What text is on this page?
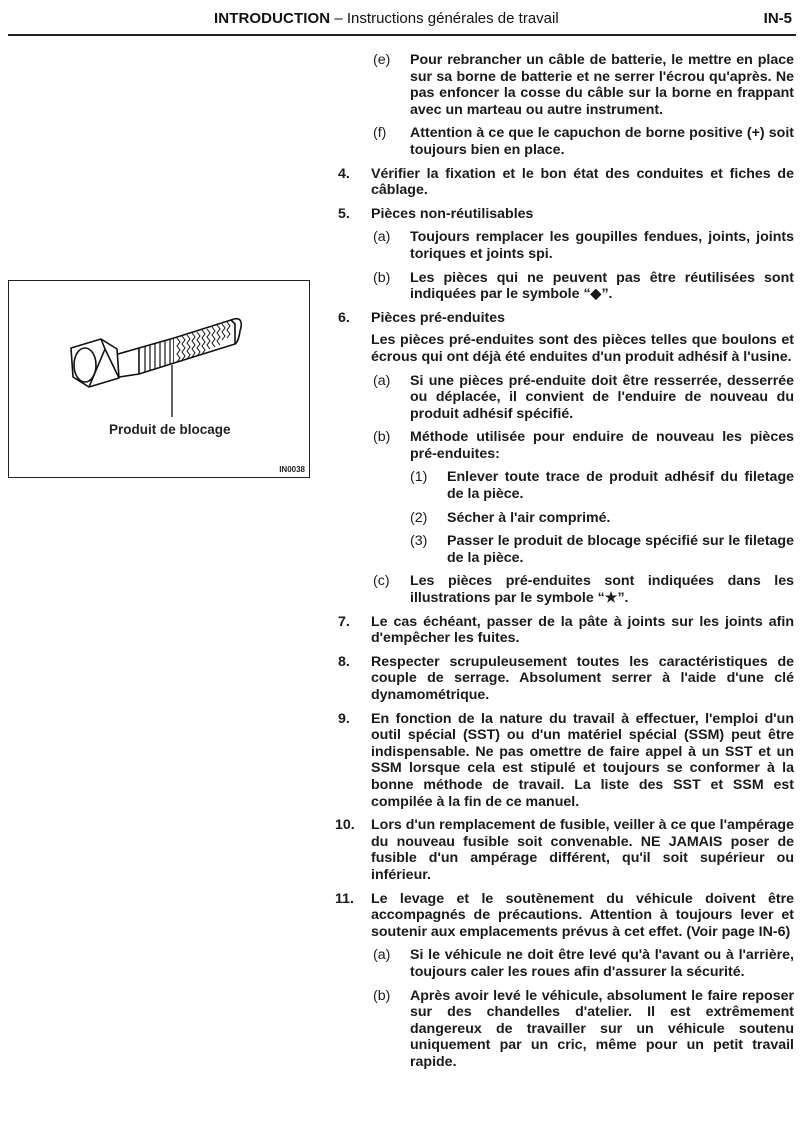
INTRODUCTION – Instructions générales de travail	IN-5
Produit de blocage
IN0038
(e) Pour rebrancher un câble de batterie, le mettre en place sur sa borne de batterie et ne serrer l'écrou qu'après. Ne pas enfoncer la cosse du câble sur la borne en frappant avec un marteau ou autre instrument.
(f) Attention à ce que le capuchon de borne positive (+) soit toujours bien en place.
4. Vérifier la fixation et le bon état des conduites et fiches de câblage.
5. Pièces non-réutilisables
(a) Toujours remplacer les goupilles fendues, joints, joints toriques et joints spi.
(b) Les pièces qui ne peuvent pas être réutilisées sont indiquées par le symbole “◆”.
6. Pièces pré-enduites
Les pièces pré-enduites sont des pièces telles que boulons et écrous qui ont déjà été enduites d'un produit adhésif à l'usine.
(a) Si une pièces pré-enduite doit être resserrée, desserrée ou déplacée, il convient de l'enduire de nouveau du produit adhésif spécifié.
(b) Méthode utilisée pour enduire de nouveau les pièces pré-enduites:
(1) Enlever toute trace de produit adhésif du filetage de la pièce.
(2) Sécher à l'air comprimé.
(3) Passer le produit de blocage spécifié sur le filetage de la pièce.
(c) Les pièces pré-enduites sont indiquées dans les illustrations par le symbole “★”.
7. Le cas échéant, passer de la pâte à joints sur les joints afin d'empêcher les fuites.
8. Respecter scrupuleusement toutes les caractéristiques de couple de serrage. Absolument serrer à l'aide d'une clé dynamométrique.
9. En fonction de la nature du travail à effectuer, l'emploi d'un outil spécial (SST) ou d'un matériel spécial (SSM) peut être indispensable. Ne pas omettre de faire appel à un SST et un SSM lorsque cela est stipulé et toujours se conformer à la bonne méthode de travail. La liste des SST et SSM est compilée à la fin de ce manuel.
10. Lors d'un remplacement de fusible, veiller à ce que l'ampérage du nouveau fusible soit convenable. NE JAMAIS poser de fusible d'un ampérage différent, qu'il soit supérieur ou inférieur.
11. Le levage et le soutènement du véhicule doivent être accompagnés de précautions. Attention à toujours lever et soutenir aux emplacements prévus à cet effet. (Voir page IN-6)
(a) Si le véhicule ne doit être levé qu'à l'avant ou à l'arrière, toujours caler les roues afin d'assurer la sécurité.
(b) Après avoir levé le véhicule, absolument le faire reposer sur des chandelles d'atelier. Il est extrêmement dangereux de travailler sur un véhicule soutenu uniquement par un cric, même pour un petit travail rapide.
